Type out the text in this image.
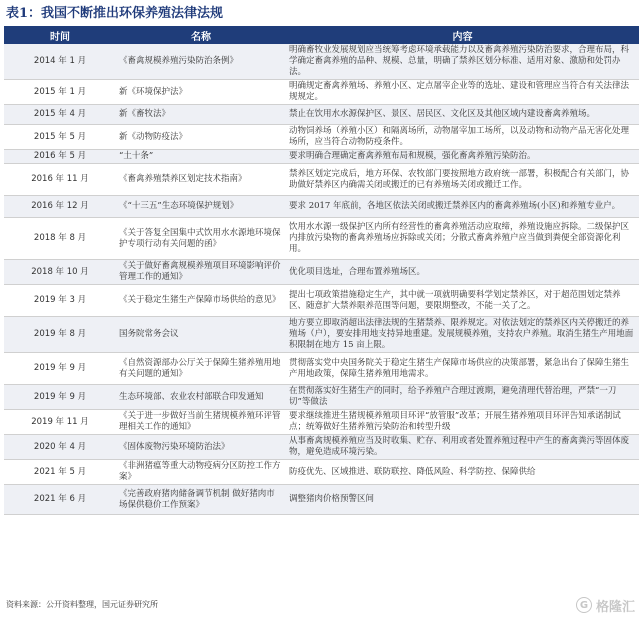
表1：我国不断推出环保养殖法律法规
时间	名称	内容
2014 年 1 月	《畜禽规模养殖污染防治条例》	明确畜牧业发展规划应当统筹考虑环境承载能力以及畜禽养殖污染防治要求，合理布局，科学确定畜禽养殖的品种、规模、总量，明确了禁养区划分标准、适用对象、激励和处罚办法。
2015 年 1 月	新《环境保护法》	明确规定畜禽养殖场、养殖小区、定点屠宰企业等的选址、建设和管理应当符合有关法律法规规定。
2015 年 4 月	新《畜牧法》	禁止在饮用水水源保护区、景区、居民区、文化区及其他区域内建设畜禽养殖场。
2015 年 5 月	新《动物防疫法》	动物饲养场（养殖小区）和隔离场所，动物屠宰加工场所，以及动物和动物产品无害化处理场所，应当符合动物防疫条件。
2016 年 5 月	“土十条”	要求明确合理确定畜禽养殖布局和规模，强化畜禽养殖污染防治。
2016 年 11 月	《畜禽养殖禁养区划定技术指南》	禁养区划定完成后，地方环保、农牧部门要按照地方政府统一部署，积极配合有关部门，协助做好禁养区内确需关闭或搬迁的已有养殖场关闭或搬迁工作。
2016 年 12 月	《“十三五”生态环境保护规划》	要求 2017 年底前，各地区依法关闭或搬迁禁养区内的畜禽养殖场(小区)和养殖专业户。
2018 年 8 月	《关于答复全国集中式饮用水水源地环境保护专项行动有关问题的函》	饮用水水源一级保护区内所有经营性的畜禽养殖活动应取缔，养殖设施应拆除。二级保护区内排放污染物的畜禽养殖场应拆除或关闭；分散式畜禽养殖户应当做到粪便全部资源化利用。
2018 年 10 月	《关于做好畜禽规模养殖项目环境影响评价管理工作的通知》	优化项目选址，合理布置养殖场区。
2019 年 3 月	《关于稳定生猪生产保障市场供给的意见》	提出七项政策措施稳定生产，其中就一项就明确要科学划定禁养区，对于超范围划定禁养区、随意扩大禁养限养范围等问题，要限期整改，不能一关了之。
2019 年 8 月	国务院常务会议	地方要立即取消超出法律法规的生猪禁养、限养规定。对依法划定的禁养区内关停搬迁的养殖场（户），要安排用地支持异地重建。发展规模养殖，支持农户养殖。取消生猪生产用地面积限制在地方 15 亩上限。
2019 年 9 月	《自然资源部办公厅关于保障生猪养殖用地有关问题的通知》	贯彻落实党中央国务院关于稳定生猪生产保障市场供应的决策部署，紧急出台了保障生猪生产用地政策，保障生猪养殖用地需求。
2019 年 9 月	生态环境部、农业农村部联合印发通知	在贯彻落实好生猪生产的同时，给予养殖户合理过渡期，避免清理代替治理，严禁“一刀切”等做法
2019 年 11 月	《关于进一步做好当前生猪规模养殖环评管理相关工作的通知》	要求继续推进生猪规模养殖项目环评“放管服”改革；开展生猪养殖项目环评告知承诺制试点；统筹做好生猪养殖污染防治和转型升级
2020 年 4 月	《固体废物污染环境防治法》	从事畜禽规模养殖应当及时收集、贮存、利用或者处置养殖过程中产生的畜禽粪污等固体废物，避免造成环境污染。
2021 年 5 月	《非洲猪瘟等重大动物疫病分区防控工作方案》	防疫优先、区域推进、联防联控、降低风险、科学防控、保障供给
2021 年 6 月	《完善政府猪肉储备调节机制 做好猪肉市场保供稳价工作预案》	调整猪肉价格预警区间
资料来源：公开资料整理，国元证券研究所	G 格隆汇
